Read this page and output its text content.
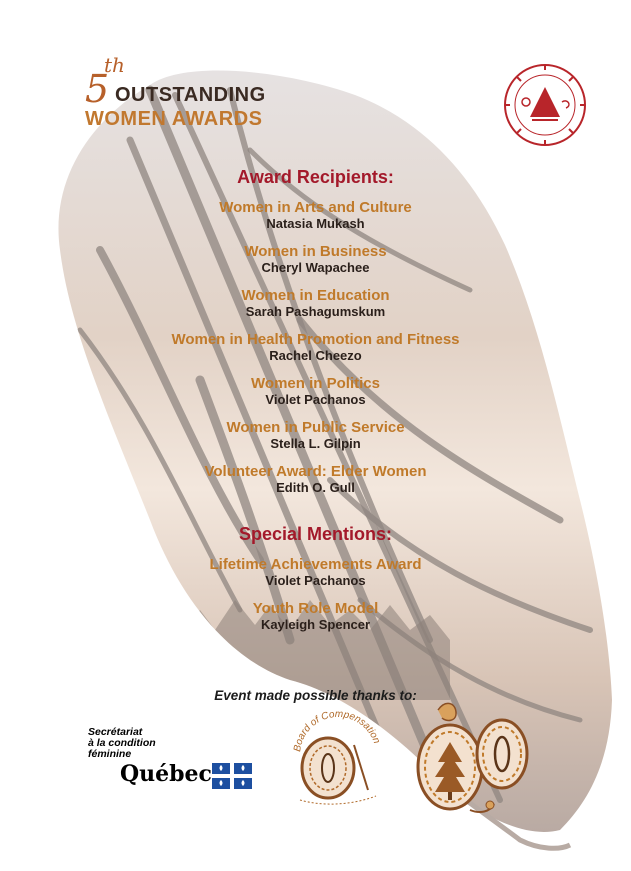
5
th
OUTSTANDING
WOMEN AWARDS
Award Recipients:
Women in Arts and Culture
Natasia Mukash
Women in Business
Cheryl Wapachee
Women in Education
Sarah Pashagumskum
Women in Health Promotion and Fitness
Rachel Cheezo
Women in Politics
Violet Pachanos
Women in Public Service
Stella L. Gilpin
Volunteer Award: Elder Women
Edith O. Gull
Special Mentions:
Lifetime Achievements Award
Violet Pachanos
Youth Role Model
Kayleigh Spencer
Event made possible thanks to:
Secrétariat
à la condition
féminine
Québec
Board of Compensation
